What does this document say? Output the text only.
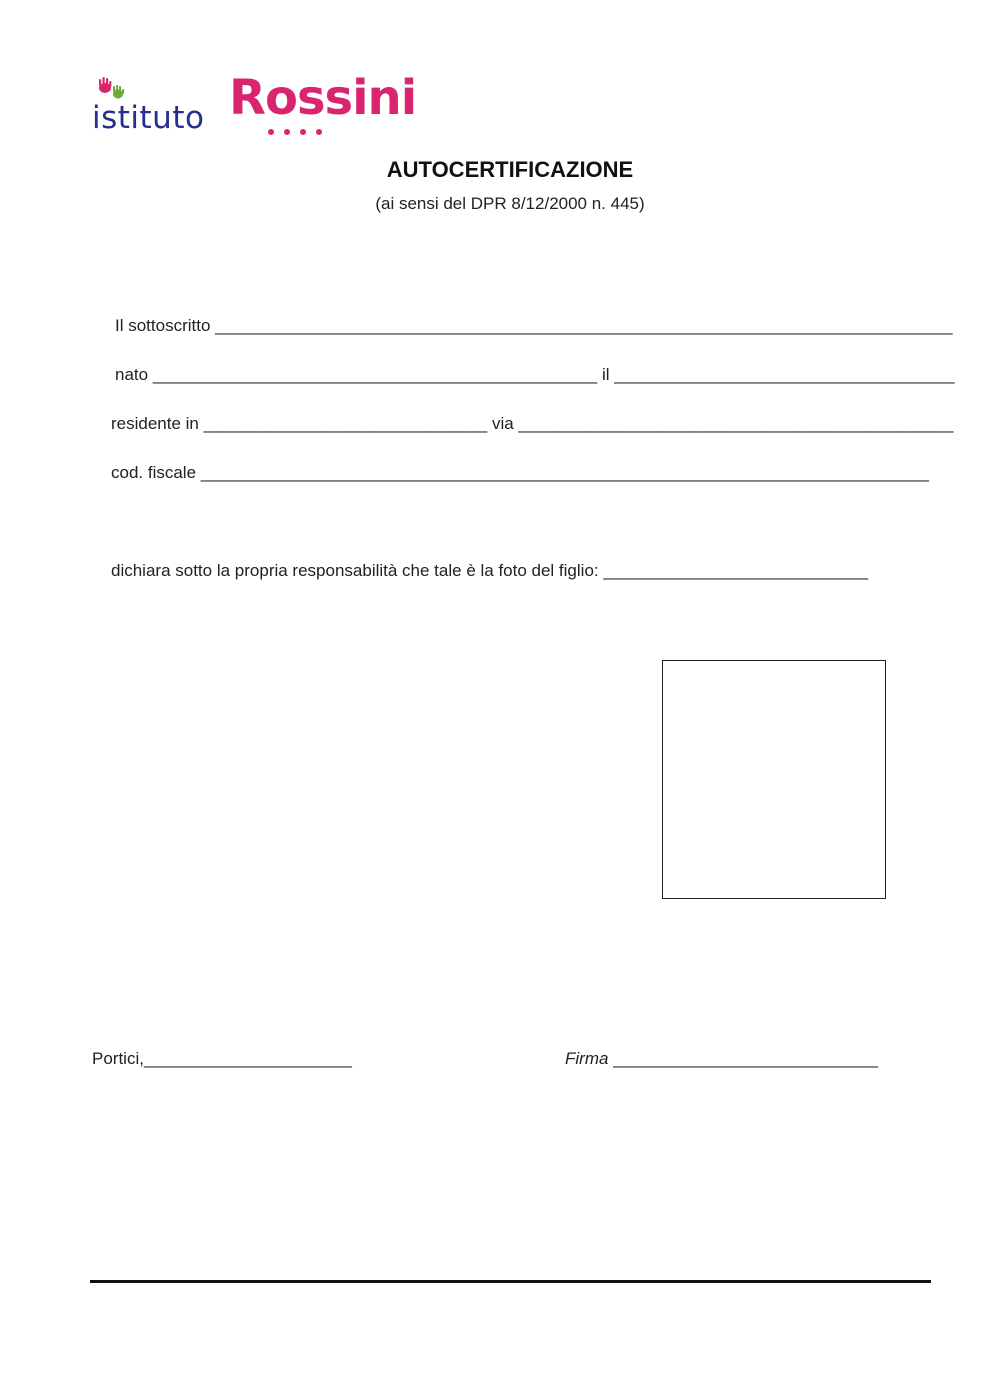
istituto Rossini
AUTOCERTIFICAZIONE
(ai sensi del DPR 8/12/2000 n. 445)
Il sottoscritto ______________________________________________________________________________
nato _______________________________________________ il ____________________________________
residente in ______________________________ via ______________________________________________
cod. fiscale _____________________________________________________________________________
dichiara sotto la propria responsabilità che tale è la foto del figlio: ____________________________
Portici,______________________	Firma ____________________________
